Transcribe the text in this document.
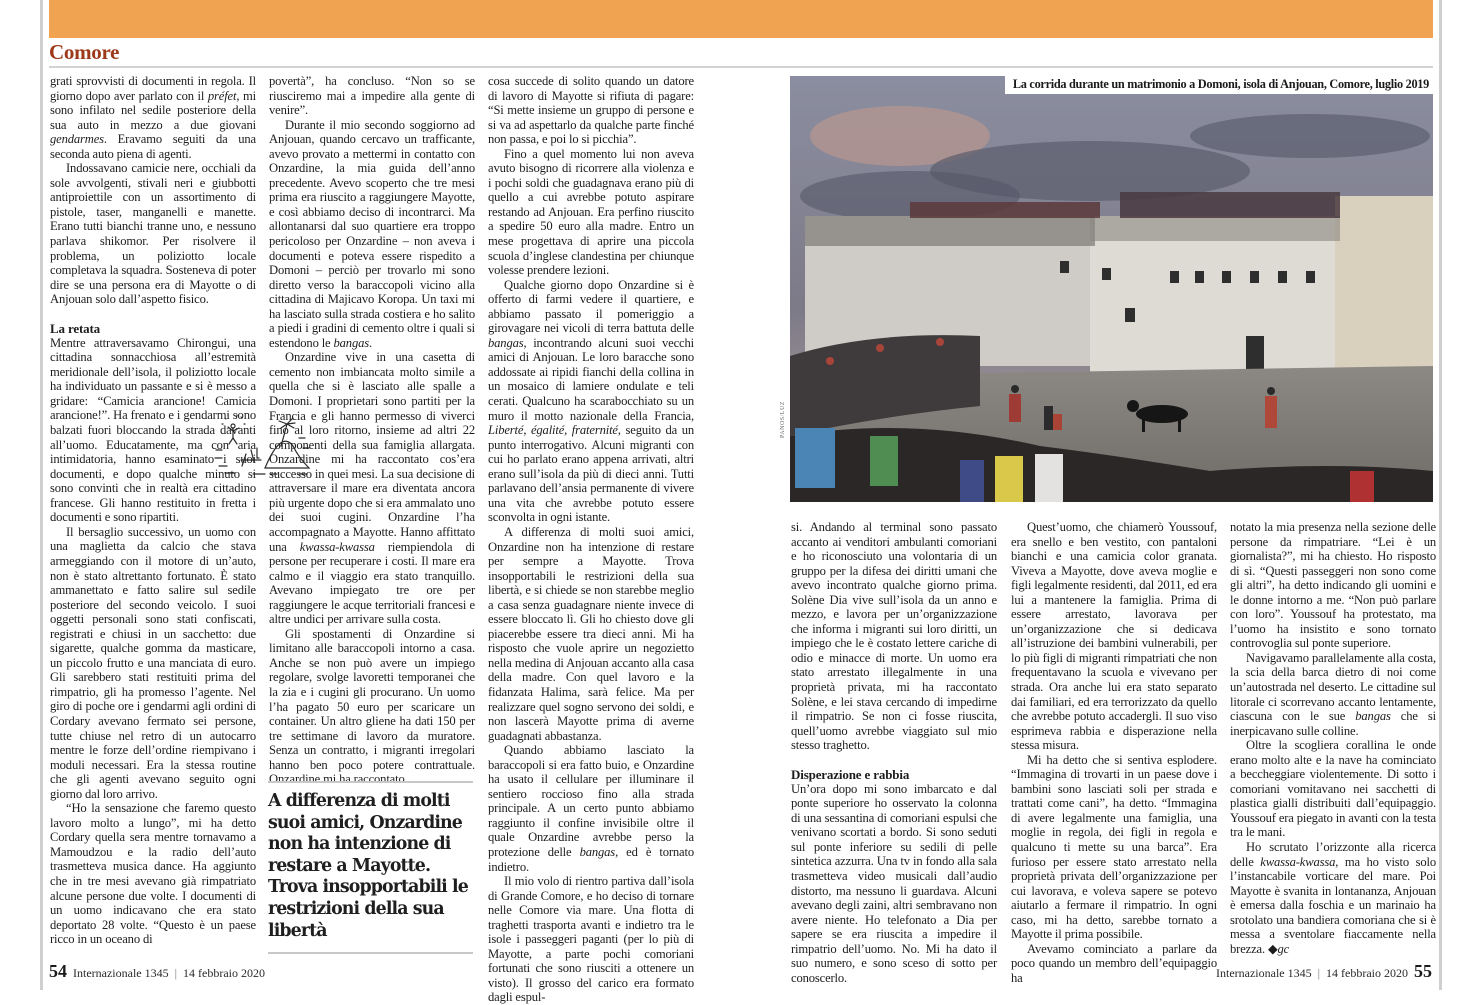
Comore

grati sprovvisti di documenti in regola. Il giorno dopo aver parlato con il préfet, mi sono infilato nel sedile posteriore della sua auto in mezzo a due giovani gendarmes. Eravamo seguiti da una seconda auto piena di agenti.

Indossavano camicie nere, occhiali da sole avvolgenti, stivali neri e giubbotti antiproiettile con un assortimento di pistole, taser, manganelli e manette. Erano tutti bianchi tranne uno, e nessuno parlava shikomor. Per risolvere il problema, un poliziotto locale completava la squadra. Sosteneva di poter dire se una persona era di Mayotte o di Anjouan solo dall’aspetto fisico.

La retata

Mentre attraversavamo Chirongui, una cittadina sonnacchiosa all’estremità meridionale dell’isola, il poliziotto locale ha individuato un passante e si è messo a gridare: “Camicia arancione! Camicia arancione!”. Ha frenato e i gendarmi sono balzati fuori bloccando la strada davanti all’uomo. Educatamente, ma con aria intimidatoria, hanno esaminato i suoi documenti, e dopo qualche minuto si sono convinti che in realtà era cittadino francese. Gli hanno restituito in fretta i documenti e sono ripartiti.

Il bersaglio successivo, un uomo con una maglietta da calcio che stava armeggiando con il motore di un’auto, non è stato altrettanto fortunato. È stato ammanettato e fatto salire sul sedile posteriore del secondo veicolo. I suoi oggetti personali sono stati confiscati, registrati e chiusi in un sacchetto: due sigarette, qualche gomma da masticare, un piccolo frutto e una manciata di euro. Gli sarebbero stati restituiti prima del rimpatrio, gli ha promesso l’agente. Nel giro di poche ore i gendarmi agli ordini di Cordary avevano fermato sei persone, tutte chiuse nel retro di un autocarro mentre le forze dell’ordine riempivano i moduli necessari. Era la stessa routine che gli agenti avevano seguito ogni giorno dal loro arrivo.

“Ho la sensazione che faremo questo lavoro molto a lungo”, mi ha detto Cordary quella sera mentre tornavamo a Mamoudzou e la radio dell’auto trasmetteva musica dance. Ha aggiunto che in tre mesi avevano già rimpatriato alcune persone due volte. I documenti di un uomo indicavano che era stato deportato 28 volte. “Questo è un paese ricco in un oceano di

povertà”, ha concluso. “Non so se riusciremo mai a impedire alla gente di venire”.

Durante il mio secondo soggiorno ad Anjouan, quando cercavo un trafficante, avevo provato a mettermi in contatto con Onzardine, la mia guida dell’anno precedente. Avevo scoperto che tre mesi prima era riuscito a raggiungere Mayotte, e così abbiamo deciso di incontrarci. Ma allontanarsi dal suo quartiere era troppo pericoloso per Onzardine – non aveva i documenti e poteva essere rispedito a Domoni – perciò per trovarlo mi sono diretto verso la baraccopoli vicino alla cittadina di Majicavo Koropa. Un taxi mi ha lasciato sulla strada costiera e ho salito a piedi i gradini di cemento oltre i quali si estendono le bangas.

Onzardine vive in una casetta di cemento non imbiancata molto simile a quella che si è lasciato alle spalle a Domoni. I proprietari sono partiti per la Francia e gli hanno permesso di viverci fino al loro ritorno, insieme ad altri 22 componenti della sua famiglia allargata. Onzardine mi ha raccontato cos’era successo in quei mesi. La sua decisione di attraversare il mare era diventata ancora più urgente dopo che si era ammalato uno dei suoi cugini. Onzardine l’ha accompagnato a Mayotte. Hanno affittato una kwassa-kwassa riempiendola di persone per recuperare i costi. Il mare era calmo e il viaggio era stato tranquillo. Avevano impiegato tre ore per raggiungere le acque territoriali francesi e altre undici per arrivare sulla costa.

Gli spostamenti di Onzardine si limitano alle baraccopoli intorno a casa. Anche se non può avere un impiego regolare, svolge lavoretti temporanei che la zia e i cugini gli procurano. Un uomo l’ha pagato 50 euro per scaricare un container. Un altro gliene ha dati 150 per tre settimane di lavoro da muratore. Senza un contratto, i migranti irregolari hanno ben poco potere contrattuale. Onzardine mi ha raccontato

A differenza di molti suoi amici, Onzardine non ha intenzione di restare a Mayotte. Trova insopportabili le restrizioni della sua libertà

cosa succede di solito quando un datore di lavoro di Mayotte si rifiuta di pagare: “Si mette insieme un gruppo di persone e si va ad aspettarlo da qualche parte finché non passa, e poi lo si picchia”.

Fino a quel momento lui non aveva avuto bisogno di ricorrere alla violenza e i pochi soldi che guadagnava erano più di quello a cui avrebbe potuto aspirare restando ad Anjouan. Era perfino riuscito a spedire 50 euro alla madre. Entro un mese progettava di aprire una piccola scuola d’inglese clandestina per chiunque volesse prendere lezioni.

Qualche giorno dopo Onzardine si è offerto di farmi vedere il quartiere, e abbiamo passato il pomeriggio a girovagare nei vicoli di terra battuta delle bangas, incontrando alcuni suoi vecchi amici di Anjouan. Le loro baracche sono addossate ai ripidi fianchi della collina in un mosaico di lamiere ondulate e teli cerati. Qualcuno ha scarabocchiato su un muro il motto nazionale della Francia, Liberté, égalité, fraternité, seguito da un punto interrogativo. Alcuni migranti con cui ho parlato erano appena arrivati, altri erano sull’isola da più di dieci anni. Tutti parlavano dell’ansia permanente di vivere una vita che avrebbe potuto essere sconvolta in ogni istante.

A differenza di molti suoi amici, Onzardine non ha intenzione di restare per sempre a Mayotte. Trova insopportabili le restrizioni della sua libertà, e si chiede se non starebbe meglio a casa senza guadagnare niente invece di essere bloccato lì. Gli ho chiesto dove gli piacerebbe essere tra dieci anni. Mi ha risposto che vuole aprire un negozietto nella medina di Anjouan accanto alla casa della madre. Con quel lavoro e la fidanzata Halima, sarà felice. Ma per realizzare quel sogno servono dei soldi, e non lascerà Mayotte prima di averne guadagnati abbastanza.

Quando abbiamo lasciato la baraccopoli si era fatto buio, e Onzardine ha usato il cellulare per illuminare il sentiero roccioso fino alla strada principale. A un certo punto abbiamo raggiunto il confine invisibile oltre il quale Onzardine avrebbe perso la protezione delle bangas, ed è tornato indietro.

Il mio volo di rientro partiva dall’isola di Grande Comore, e ho deciso di tornare nelle Comore via mare. Una flotta di traghetti trasporta avanti e indietro tra le isole i passeggeri paganti (per lo più di Mayotte, a parte pochi comoriani fortunati che sono riusciti a ottenere un visto). Il grosso del carico era formato dagli espul-

La corrida durante un matrimonio a Domoni, isola di Anjouan, Comore, luglio 2019
PANOS/LUZ

si. Andando al terminal sono passato accanto ai venditori ambulanti comoriani e ho riconosciuto una volontaria di un gruppo per la difesa dei diritti umani che avevo incontrato qualche giorno prima. Solène Dia vive sull’isola da un anno e mezzo, e lavora per un’organizzazione che informa i migranti sui loro diritti, un impiego che le è costato lettere cariche di odio e minacce di morte. Un uomo era stato arrestato illegalmente in una proprietà privata, mi ha raccontato Solène, e lei stava cercando di impedirne il rimpatrio. Se non ci fosse riuscita, quell’uomo avrebbe viaggiato sul mio stesso traghetto.

Disperazione e rabbia

Un’ora dopo mi sono imbarcato e dal ponte superiore ho osservato la colonna di una sessantina di comoriani espulsi che venivano scortati a bordo. Si sono seduti sul ponte inferiore su sedili di pelle sintetica azzurra. Una tv in fondo alla sala trasmetteva video musicali dall’audio distorto, ma nessuno li guardava. Alcuni avevano degli zaini, altri sembravano non avere niente. Ho telefonato a Dia per sapere se era riuscita a impedire il rimpatrio dell’uomo. No. Mi ha dato il suo numero, e sono sceso di sotto per conoscerlo.

Quest’uomo, che chiamerò Youssouf, era snello e ben vestito, con pantaloni bianchi e una camicia color granata. Viveva a Mayotte, dove aveva moglie e figli legalmente residenti, dal 2011, ed era lui a mantenere la famiglia. Prima di essere arrestato, lavorava per un’organizzazione che si dedicava all’istruzione dei bambini vulnerabili, per lo più figli di migranti rimpatriati che non frequentavano la scuola e vivevano per strada. Ora anche lui era stato separato dai familiari, ed era terrorizzato da quello che avrebbe potuto accadergli. Il suo viso esprimeva rabbia e disperazione nella stessa misura.

Mi ha detto che si sentiva esplodere. “Immagina di trovarti in un paese dove i bambini sono lasciati soli per strada e trattati come cani”, ha detto. “Immagina di avere legalmente una famiglia, una moglie in regola, dei figli in regola e qualcuno ti mette su una barca”. Era furioso per essere stato arrestato nella proprietà privata dell’organizzazione per cui lavorava, e voleva sapere se potevo aiutarlo a fermare il rimpatrio. In ogni caso, mi ha detto, sarebbe tornato a Mayotte il prima possibile.

Avevamo cominciato a parlare da poco quando un membro dell’equipaggio ha

notato la mia presenza nella sezione delle persone da rimpatriare. “Lei è un giornalista?”, mi ha chiesto. Ho risposto di sì. “Questi passeggeri non sono come gli altri”, ha detto indicando gli uomini e le donne intorno a me. “Non può parlare con loro”. Youssouf ha protestato, ma l’uomo ha insistito e sono tornato controvoglia sul ponte superiore.

Navigavamo parallelamente alla costa, la scia della barca dietro di noi come un’autostrada nel deserto. Le cittadine sul litorale ci scorrevano accanto lentamente, ciascuna con le sue bangas che si inerpicavano sulle colline.

Oltre la scogliera corallina le onde erano molto alte e la nave ha cominciato a beccheggiare violentemente. Di sotto i comoriani vomitavano nei sacchetti di plastica gialli distribuiti dall’equipaggio. Youssouf era piegato in avanti con la testa tra le mani.

Ho scrutato l’orizzonte alla ricerca delle kwassa-kwassa, ma ho visto solo l’instancabile vorticare del mare. Poi Mayotte è svanita in lontananza, Anjouan è emersa dalla foschia e un marinaio ha srotolato una bandiera comoriana che si è messa a sventolare fiaccamente nella brezza. ◆gc

54 Internazionale 1345 | 14 febbraio 2020	Internazionale 1345 | 14 febbraio 2020 55
